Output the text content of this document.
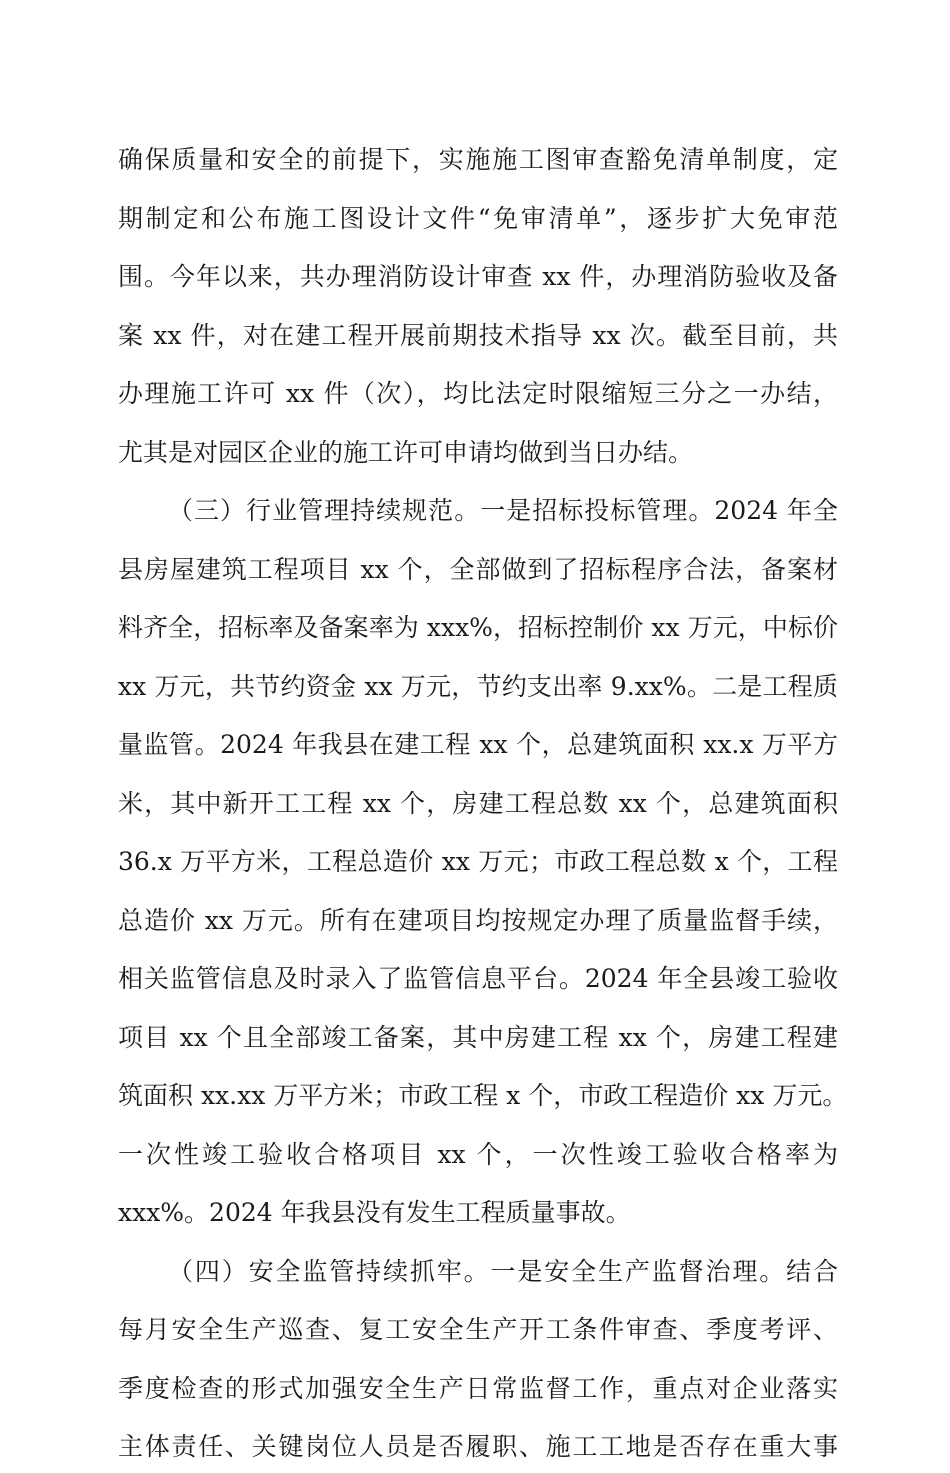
确保质量和安全的前提下，实施施工图审查豁免清单制度，定
期制定和公布施工图设计文件“免审清单”，逐步扩大免审范
围。今年以来，共办理消防设计审查 xx 件，办理消防验收及备
案 xx 件，对在建工程开展前期技术指导 xx 次。截至目前，共
办理施工许可 xx 件（次），均比法定时限缩短三分之一办结，
尤其是对园区企业的施工许可申请均做到当日办结。
（三）行业管理持续规范。一是招标投标管理。2024 年全
县房屋建筑工程项目 xx 个，全部做到了招标程序合法，备案材
料齐全，招标率及备案率为 xxx%，招标控制价 xx 万元，中标价
xx 万元，共节约资金 xx 万元，节约支出率 9.xx%。二是工程质
量监管。2024 年我县在建工程 xx 个，总建筑面积 xx.x 万平方
米，其中新开工工程 xx 个，房建工程总数 xx 个，总建筑面积
36.x 万平方米，工程总造价 xx 万元；市政工程总数 x 个，工程
总造价 xx 万元。所有在建项目均按规定办理了质量监督手续，
相关监管信息及时录入了监管信息平台。2024 年全县竣工验收
项目 xx 个且全部竣工备案，其中房建工程 xx 个，房建工程建
筑面积 xx.xx 万平方米；市政工程 x 个，市政工程造价 xx 万元。
一次性竣工验收合格项目 xx 个，一次性竣工验收合格率为
xxx%。2024 年我县没有发生工程质量事故。
（四）安全监管持续抓牢。一是安全生产监督治理。结合
每月安全生产巡查、复工安全生产开工条件审查、季度考评、
季度检查的形式加强安全生产日常监督工作，重点对企业落实
主体责任、关键岗位人员是否履职、施工工地是否存在重大事
